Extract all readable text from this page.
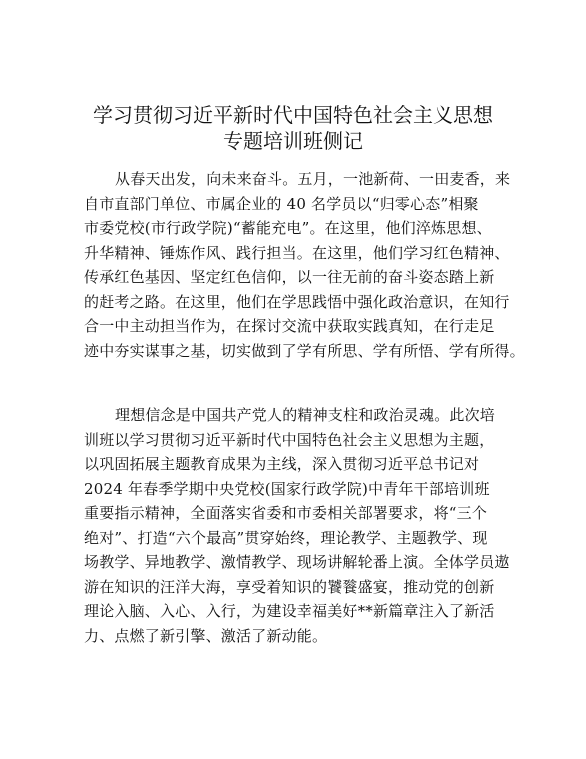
学习贯彻习近平新时代中国特色社会主义思想
专题培训班侧记
从春天出发，向未来奋斗。五月，一池新荷、一田麦香，来
自市直部门单位、市属企业的 40 名学员以“归零心态”相聚
市委党校(市行政学院)“蓄能充电”。在这里，他们淬炼思想、
升华精神、锤炼作风、践行担当。在这里，他们学习红色精神、
传承红色基因、坚定红色信仰，以一往无前的奋斗姿态踏上新
的赶考之路。在这里，他们在学思践悟中强化政治意识，在知行
合一中主动担当作为，在探讨交流中获取实践真知，在行走足
迹中夯实谋事之基，切实做到了学有所思、学有所悟、学有所得。
理想信念是中国共产党人的精神支柱和政治灵魂。此次培
训班以学习贯彻习近平新时代中国特色社会主义思想为主题，
以巩固拓展主题教育成果为主线，深入贯彻习近平总书记对
2024 年春季学期中央党校(国家行政学院)中青年干部培训班
重要指示精神，全面落实省委和市委相关部署要求，将“三个
绝对”、打造“六个最高”贯穿始终，理论教学、主题教学、现
场教学、异地教学、激情教学、现场讲解轮番上演。全体学员遨
游在知识的汪洋大海，享受着知识的饕餮盛宴，推动党的创新
理论入脑、入心、入行，为建设幸福美好**新篇章注入了新活
力、点燃了新引擎、激活了新动能。
